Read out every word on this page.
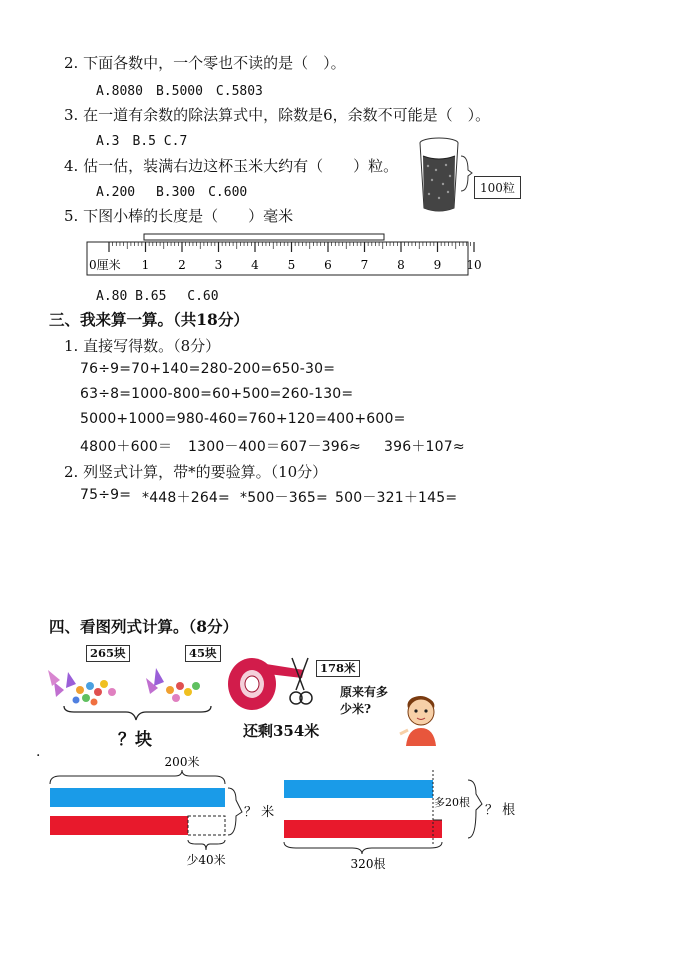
2. 下面各数中，一个零也不读的是（　）。
A.8080　B.5000　C.5803
3. 在一道有余数的除法算式中，除数是6，余数不可能是（　）。
A.3　B.5 C.7
4. 估一估，装满右边这杯玉米大约有（　　）粒。
A.200　 B.300　C.600	100粒
5. 下图小棒的长度是（　　）毫米
0厘米 1 2 3 4 5 6 7 8 9 10
A.80 B.65　 C.60
三、我来算一算。（共18分）
1. 直接写得数。（8分）
76÷9=70+140=280-200=650-30=
63÷8=1000-800=60+500=260-130=
5000+1000=980-460=760+120=400+600=
4800＋600＝ 1300－400＝607－396≈ 396＋107≈
2. 列竖式计算，带*的要验算。（10分）
75÷9= *448＋264= *500－365= 500－321＋145=
四、看图列式计算。（8分）
265块	45块
？块
178米
还剩354米
原来有多
少米?
·	200米
？ 米
少40米
多20根
？ 根
320根
